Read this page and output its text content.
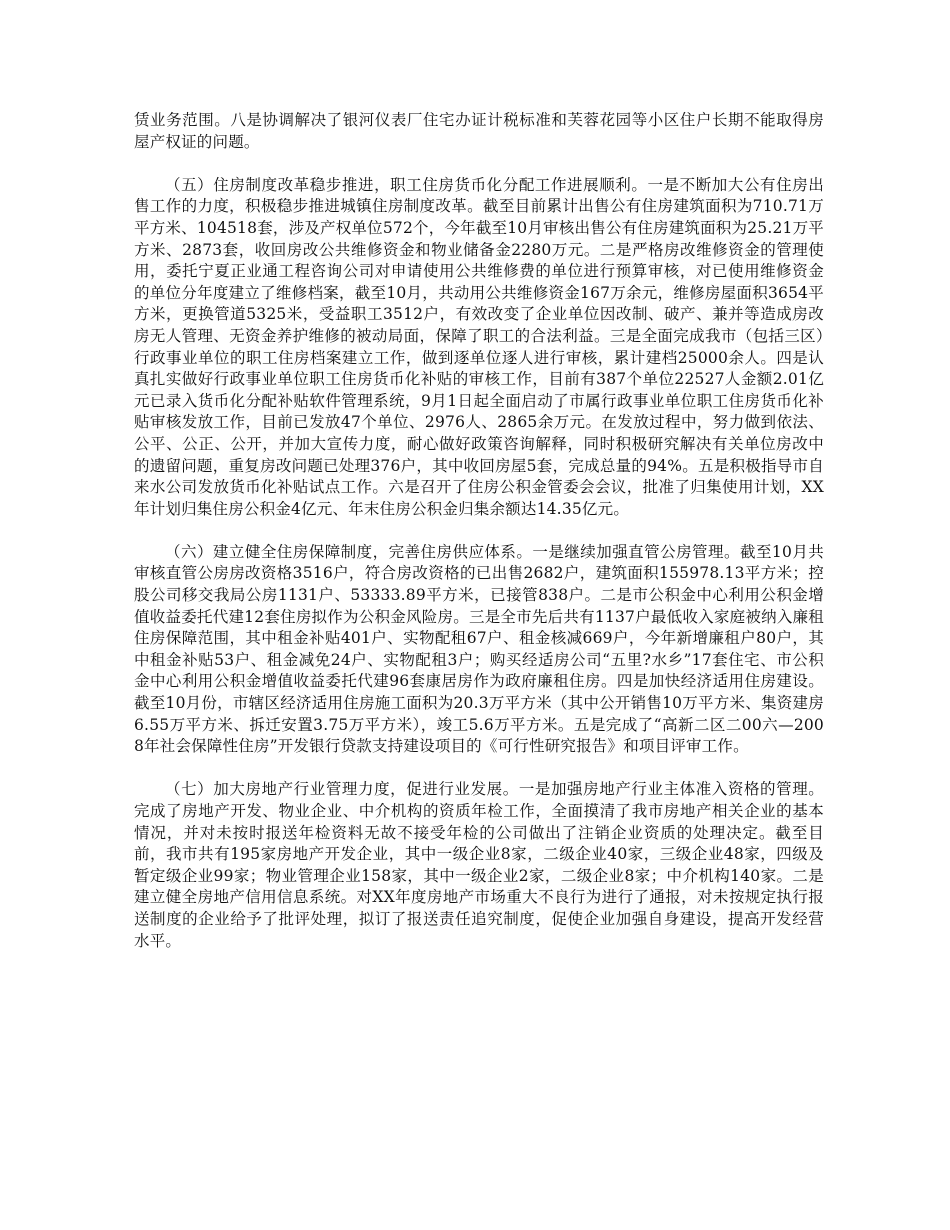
赁业务范围。八是协调解决了银河仪表厂住宅办证计税标准和芙蓉花园等小区住户长期不能取得房屋产权证的问题。

（五）住房制度改革稳步推进，职工住房货币化分配工作进展顺利。一是不断加大公有住房出售工作的力度，积极稳步推进城镇住房制度改革。截至目前累计出售公有住房建筑面积为710.71万平方米、104518套，涉及产权单位572个，今年截至10月审核出售公有住房建筑面积为25.21万平方米、2873套，收回房改公共维修资金和物业储备金2280万元。二是严格房改维修资金的管理使用，委托宁夏正业通工程咨询公司对申请使用公共维修费的单位进行预算审核，对已使用维修资金的单位分年度建立了维修档案，截至10月，共动用公共维修资金167万余元，维修房屋面积3654平方米，更换管道5325米，受益职工3512户，有效改变了企业单位因改制、破产、兼并等造成房改房无人管理、无资金养护维修的被动局面，保障了职工的合法利益。三是全面完成我市（包括三区）行政事业单位的职工住房档案建立工作，做到逐单位逐人进行审核，累计建档25000余人。四是认真扎实做好行政事业单位职工住房货币化补贴的审核工作，目前有387个单位22527人金额2.01亿元已录入货币化分配补贴软件管理系统，9月1日起全面启动了市属行政事业单位职工住房货币化补贴审核发放工作，目前已发放47个单位、2976人、2865余万元。在发放过程中，努力做到依法、公平、公正、公开，并加大宣传力度，耐心做好政策咨询解释，同时积极研究解决有关单位房改中的遗留问题，重复房改问题已处理376户，其中收回房屋5套，完成总量的94%。五是积极指导市自来水公司发放货币化补贴试点工作。六是召开了住房公积金管委会会议，批准了归集使用计划，XX年计划归集住房公积金4亿元、年末住房公积金归集余额达14.35亿元。

（六）建立健全住房保障制度，完善住房供应体系。一是继续加强直管公房管理。截至10月共审核直管公房房改资格3516户，符合房改资格的已出售2682户，建筑面积155978.13平方米；控股公司移交我局公房1131户、53333.89平方米，已接管838户。二是市公积金中心利用公积金增值收益委托代建12套住房拟作为公积金风险房。三是全市先后共有1137户最低收入家庭被纳入廉租住房保障范围，其中租金补贴401户、实物配租67户、租金核减669户，今年新增廉租户80户，其中租金补贴53户、租金减免24户、实物配租3户；购买经适房公司“五里?水乡”17套住宅、市公积金中心利用公积金增值收益委托代建96套康居房作为政府廉租住房。四是加快经济适用住房建设。截至10月份，市辖区经济适用住房施工面积为20.3万平方米（其中公开销售10万平方米、集资建房6.55万平方米、拆迁安置3.75万平方米），竣工5.6万平方米。五是完成了“高新二区二00六—2008年社会保障性住房”开发银行贷款支持建设项目的《可行性研究报告》和项目评审工作。

（七）加大房地产行业管理力度，促进行业发展。一是加强房地产行业主体准入资格的管理。完成了房地产开发、物业企业、中介机构的资质年检工作，全面摸清了我市房地产相关企业的基本情况，并对未按时报送年检资料无故不接受年检的公司做出了注销企业资质的处理决定。截至目前，我市共有195家房地产开发企业，其中一级企业8家，二级企业40家，三级企业48家，四级及暂定级企业99家；物业管理企业158家，其中一级企业2家，二级企业8家；中介机构140家。二是建立健全房地产信用信息系统。对XX年度房地产市场重大不良行为进行了通报，对未按规定执行报送制度的企业给予了批评处理，拟订了报送责任追究制度，促使企业加强自身建设，提高开发经营水平。
